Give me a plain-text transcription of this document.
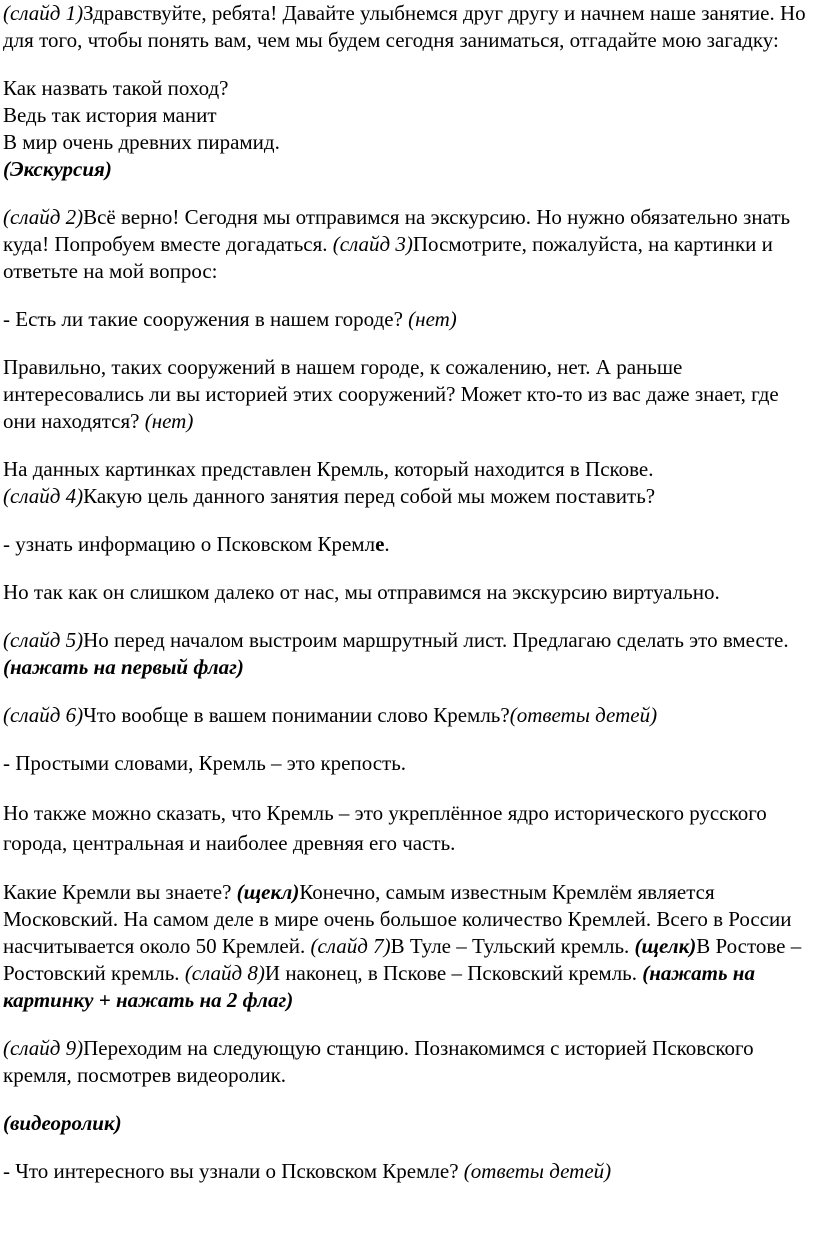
(слайд 1)Здравствуйте, ребята! Давайте улыбнемся друг другу и начнем наше занятие. Но для того, чтобы понять вам, чем мы будем сегодня заниматься, отгадайте мою загадку:

Как назвать такой поход?

Ведь так история манит

В мир очень древних пирамид.

(Экскурсия)

(слайд 2)Всё верно! Сегодня мы отправимся на экскурсию. Но нужно обязательно знать куда! Попробуем вместе догадаться. (слайд 3)Посмотрите, пожалуйста, на картинки и ответьте на мой вопрос:

- Есть ли такие сооружения в нашем городе? (нет)

Правильно, таких сооружений в нашем городе, к сожалению, нет. А раньше интересовались ли вы историей этих сооружений? Может кто-то из вас даже знает, где они находятся? (нет)

На данных картинках представлен Кремль, который находится в Пскове.
(слайд 4)Какую цель данного занятия перед собой мы можем поставить?

- узнать информацию о Псковском Кремле.

Но так как он слишком далеко от нас, мы отправимся на экскурсию виртуально.

(слайд 5)Но перед началом выстроим маршрутный лист. Предлагаю сделать это вместе. (нажать на первый флаг)

(слайд 6)Что вообще в вашем понимании слово Кремль?(ответы детей)

- Простыми словами, Кремль – это крепость.

Но также можно сказать, что Кремль – это укреплённое ядро исторического русского города, центральная и наиболее древняя его часть.

Какие Кремли вы знаете? (щекл)Конечно, самым известным Кремлём является Московский. На самом деле в мире очень большое количество Кремлей. Всего в России насчитывается около 50 Кремлей. (слайд 7)В Туле – Тульский кремль. (щелк)В Ростове – Ростовский кремль. (слайд 8)И наконец, в Пскове – Псковский кремль. (нажать на картинку + нажать на 2 флаг)

(слайд 9)Переходим на следующую станцию. Познакомимся с историей Псковского кремля, посмотрев видеоролик.

(видеоролик)

- Что интересного вы узнали о Псковском Кремле? (ответы детей)
